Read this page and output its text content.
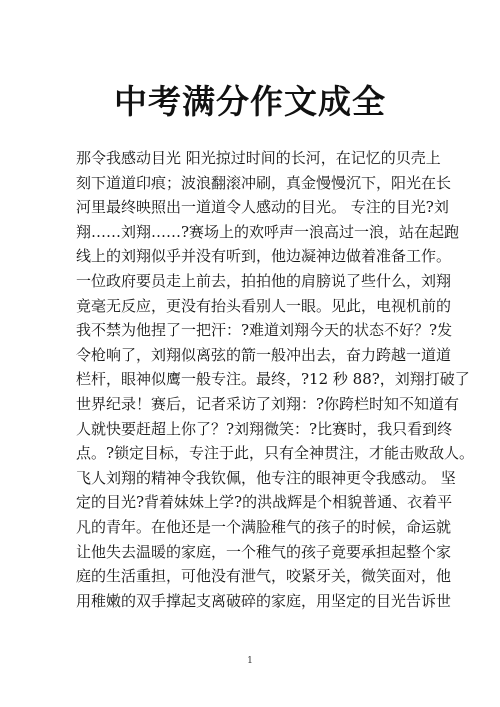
中考满分作文成全
那令我感动目光 阳光掠过时间的长河，在记忆的贝壳上
刻下道道印痕；波浪翻滚冲刷，真金慢慢沉下，阳光在长
河里最终映照出一道道令人感动的目光。 专注的目光?刘
翔……刘翔……?赛场上的欢呼声一浪高过一浪，站在起跑
线上的刘翔似乎并没有听到，他边凝神边做着准备工作。
一位政府要员走上前去，拍拍他的肩膀说了些什么，刘翔
竟毫无反应，更没有抬头看别人一眼。见此，电视机前的
我不禁为他捏了一把汗：?难道刘翔今天的状态不好？?发
令枪响了，刘翔似离弦的箭一般冲出去，奋力跨越一道道
栏杆，眼神似鹰一般专注。最终，?12 秒 88?，刘翔打破了
世界纪录！赛后，记者采访了刘翔：?你跨栏时知不知道有
人就快要赶超上你了？?刘翔微笑：?比赛时，我只看到终
点。?锁定目标，专注于此，只有全神贯注，才能击败敌人。
飞人刘翔的精神令我钦佩，他专注的眼神更令我感动。 坚
定的目光?背着妹妹上学?的洪战辉是个相貌普通、衣着平
凡的青年。在他还是一个满脸稚气的孩子的时候，命运就
让他失去温暖的家庭，一个稚气的孩子竟要承担起整个家
庭的生活重担，可他没有泄气，咬紧牙关，微笑面对，他
用稚嫩的双手撑起支离破碎的家庭，用坚定的目光告诉世
1
